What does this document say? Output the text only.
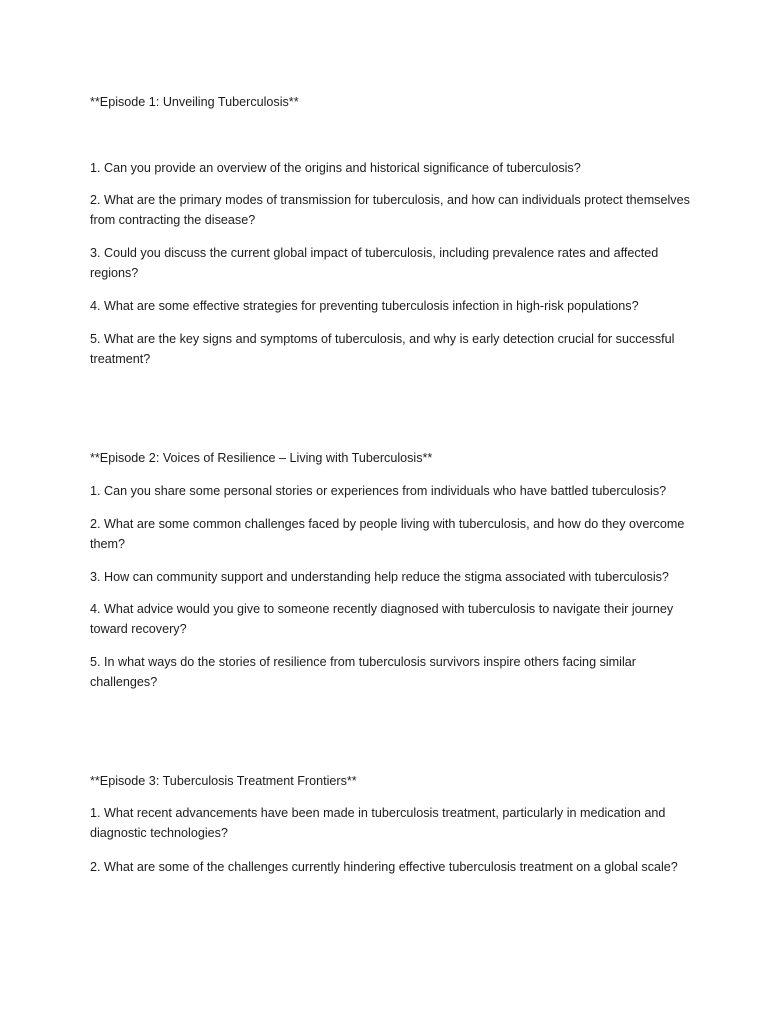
**Episode 1: Unveiling Tuberculosis**

1. Can you provide an overview of the origins and historical significance of tuberculosis?

2. What are the primary modes of transmission for tuberculosis, and how can individuals protect themselves from contracting the disease?

3. Could you discuss the current global impact of tuberculosis, including prevalence rates and affected regions?

4. What are some effective strategies for preventing tuberculosis infection in high-risk populations?

5. What are the key signs and symptoms of tuberculosis, and why is early detection crucial for successful treatment?

**Episode 2: Voices of Resilience – Living with Tuberculosis**

1. Can you share some personal stories or experiences from individuals who have battled tuberculosis?

2. What are some common challenges faced by people living with tuberculosis, and how do they overcome them?

3. How can community support and understanding help reduce the stigma associated with tuberculosis?

4. What advice would you give to someone recently diagnosed with tuberculosis to navigate their journey toward recovery?

5. In what ways do the stories of resilience from tuberculosis survivors inspire others facing similar challenges?

**Episode 3: Tuberculosis Treatment Frontiers**

1. What recent advancements have been made in tuberculosis treatment, particularly in medication and diagnostic technologies?

2. What are some of the challenges currently hindering effective tuberculosis treatment on a global scale?
